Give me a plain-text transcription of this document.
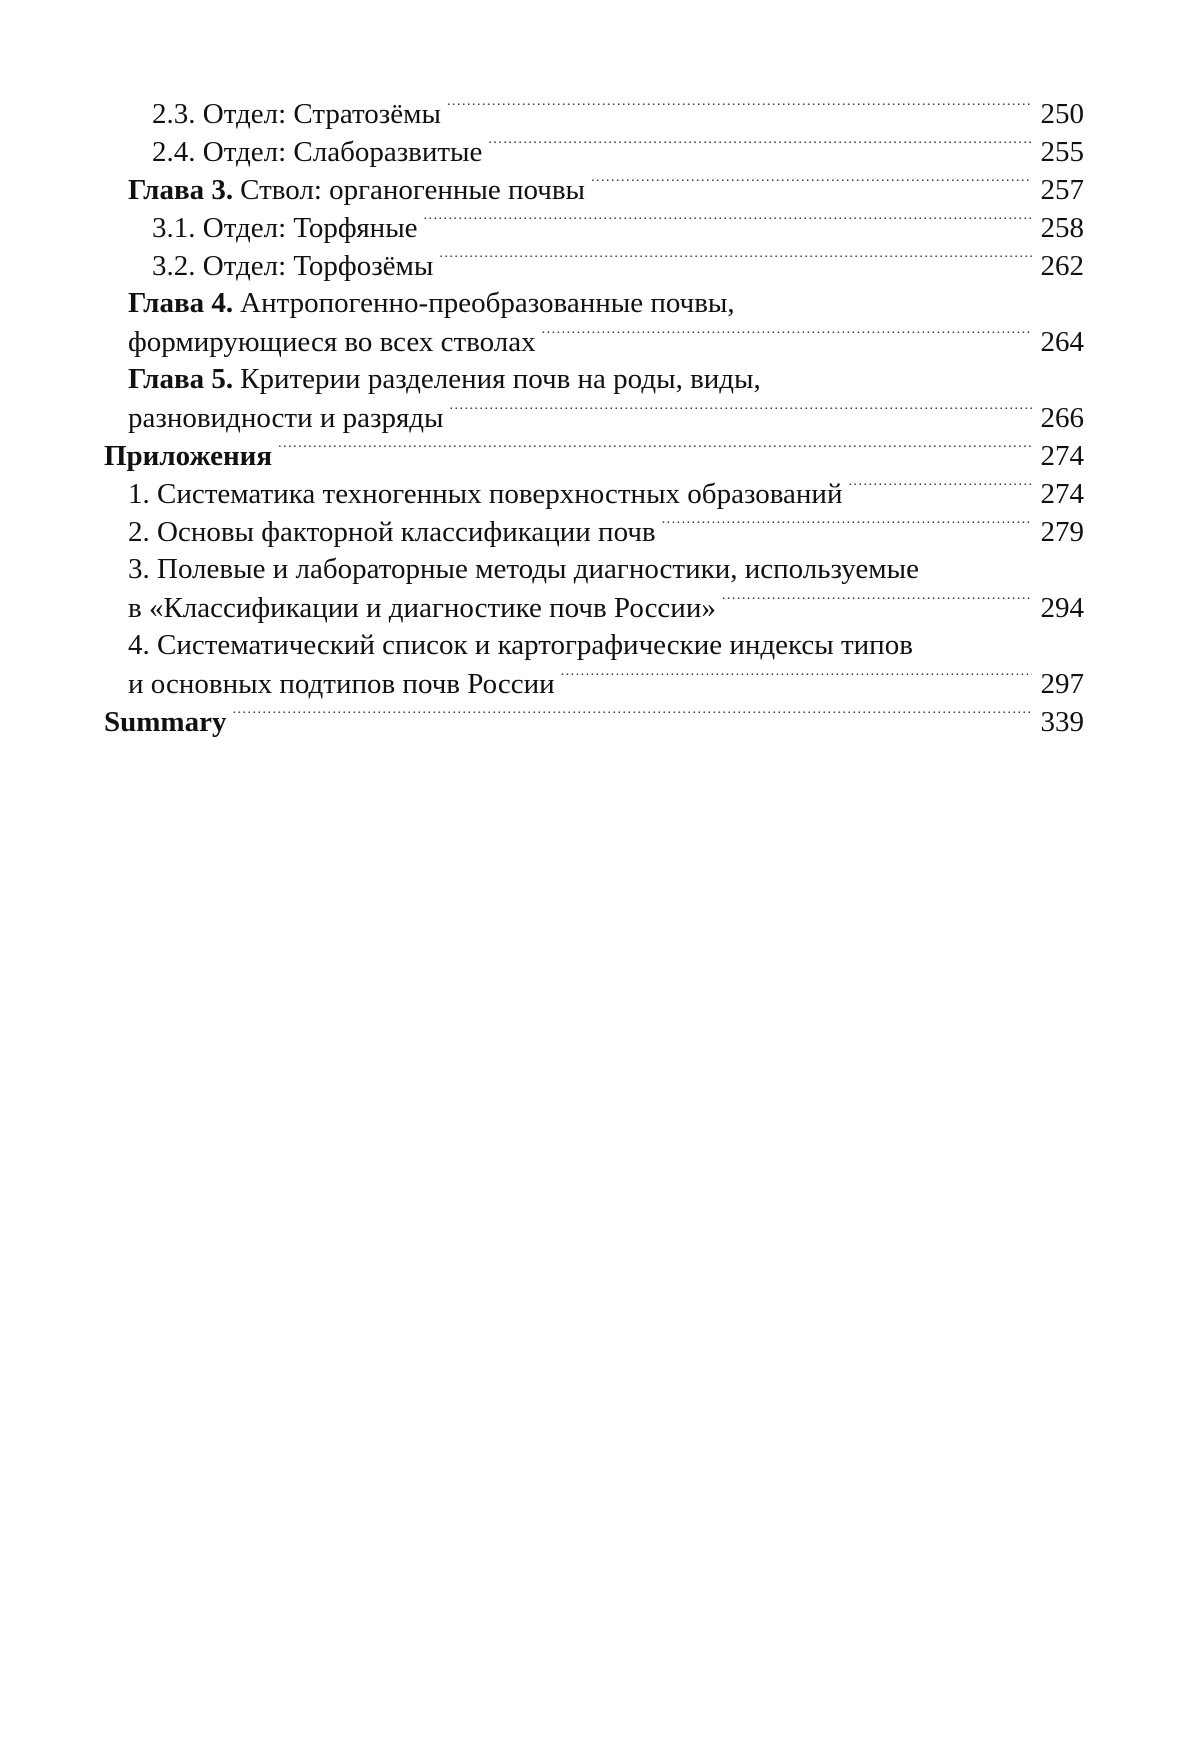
2.3. Отдел: Стратозёмы . . .	250
2.4. Отдел: Слаборазвитые . . .	255
Глава 3. Ствол: органогенные почвы . . .	257
3.1. Отдел: Торфяные . . .	258
3.2. Отдел: Торфозёмы . . .	262
Глава 4. Антропогенно-преобразованные почвы,
формирующиеся во всех стволах . . .	264
Глава 5. Критерии разделения почв на роды, виды,
разновидности и разряды . . .	266
Приложения . . .	274
1. Систематика техногенных поверхностных образований . . .	274
2. Основы факторной классификации почв . . .	279
3. Полевые и лабораторные методы диагностики, используемые
в «Классификации и диагностике почв России» . . .	294
4. Систематический список и картографические индексы типов
и основных подтипов почв России . . .	297
Summary . . .	339
